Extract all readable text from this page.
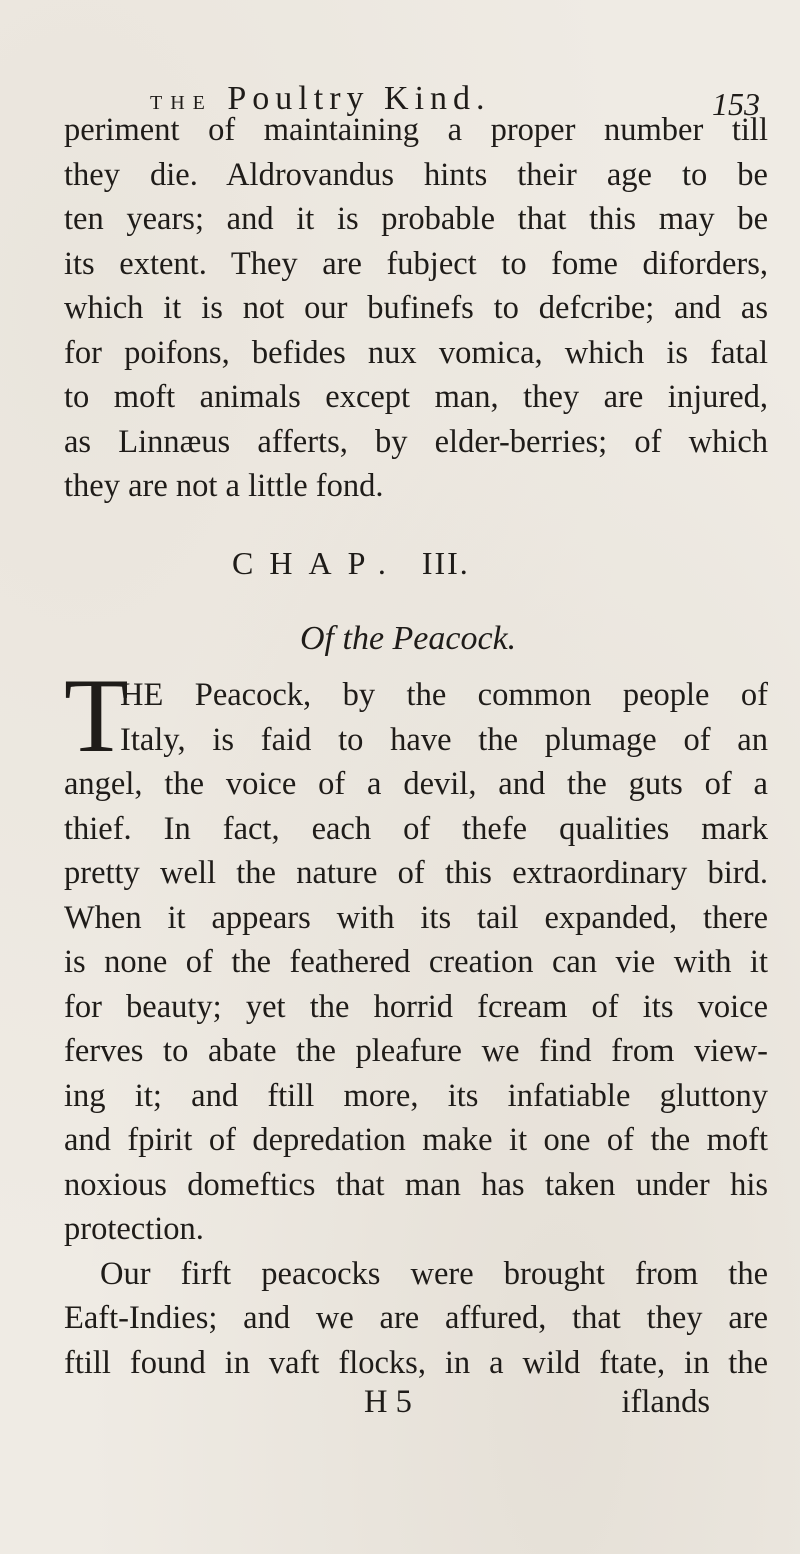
THE Poultry Kind.	153
periment of maintaining a proper number till
they die. Aldrovandus hints their age to be
ten years; and it is probable that this may be
its extent. They are fubject to fome diforders,
which it is not our bufinefs to defcribe; and as
for poifons, befides nux vomica, which is fatal
to moft animals except man, they are injured,
as Linnæus afferts, by elder-berries; of which
they are not a little fond.
CHAP. III.
Of the Peacock.
T
HE Peacock, by the common people of
Italy, is faid to have the plumage of an
angel, the voice of a devil, and the guts of a
thief. In fact, each of thefe qualities mark
pretty well the nature of this extraordinary bird.
When it appears with its tail expanded, there
is none of the feathered creation can vie with it
for beauty; yet the horrid fcream of its voice
ferves to abate the pleafure we find from view-
ing it; and ftill more, its infatiable gluttony
and fpirit of depredation make it one of the moft
noxious domeftics that man has taken under his
protection.
Our firft peacocks were brought from the
Eaft-Indies; and we are affured, that they are
ftill found in vaft flocks, in a wild ftate, in the
H 5	iflands
